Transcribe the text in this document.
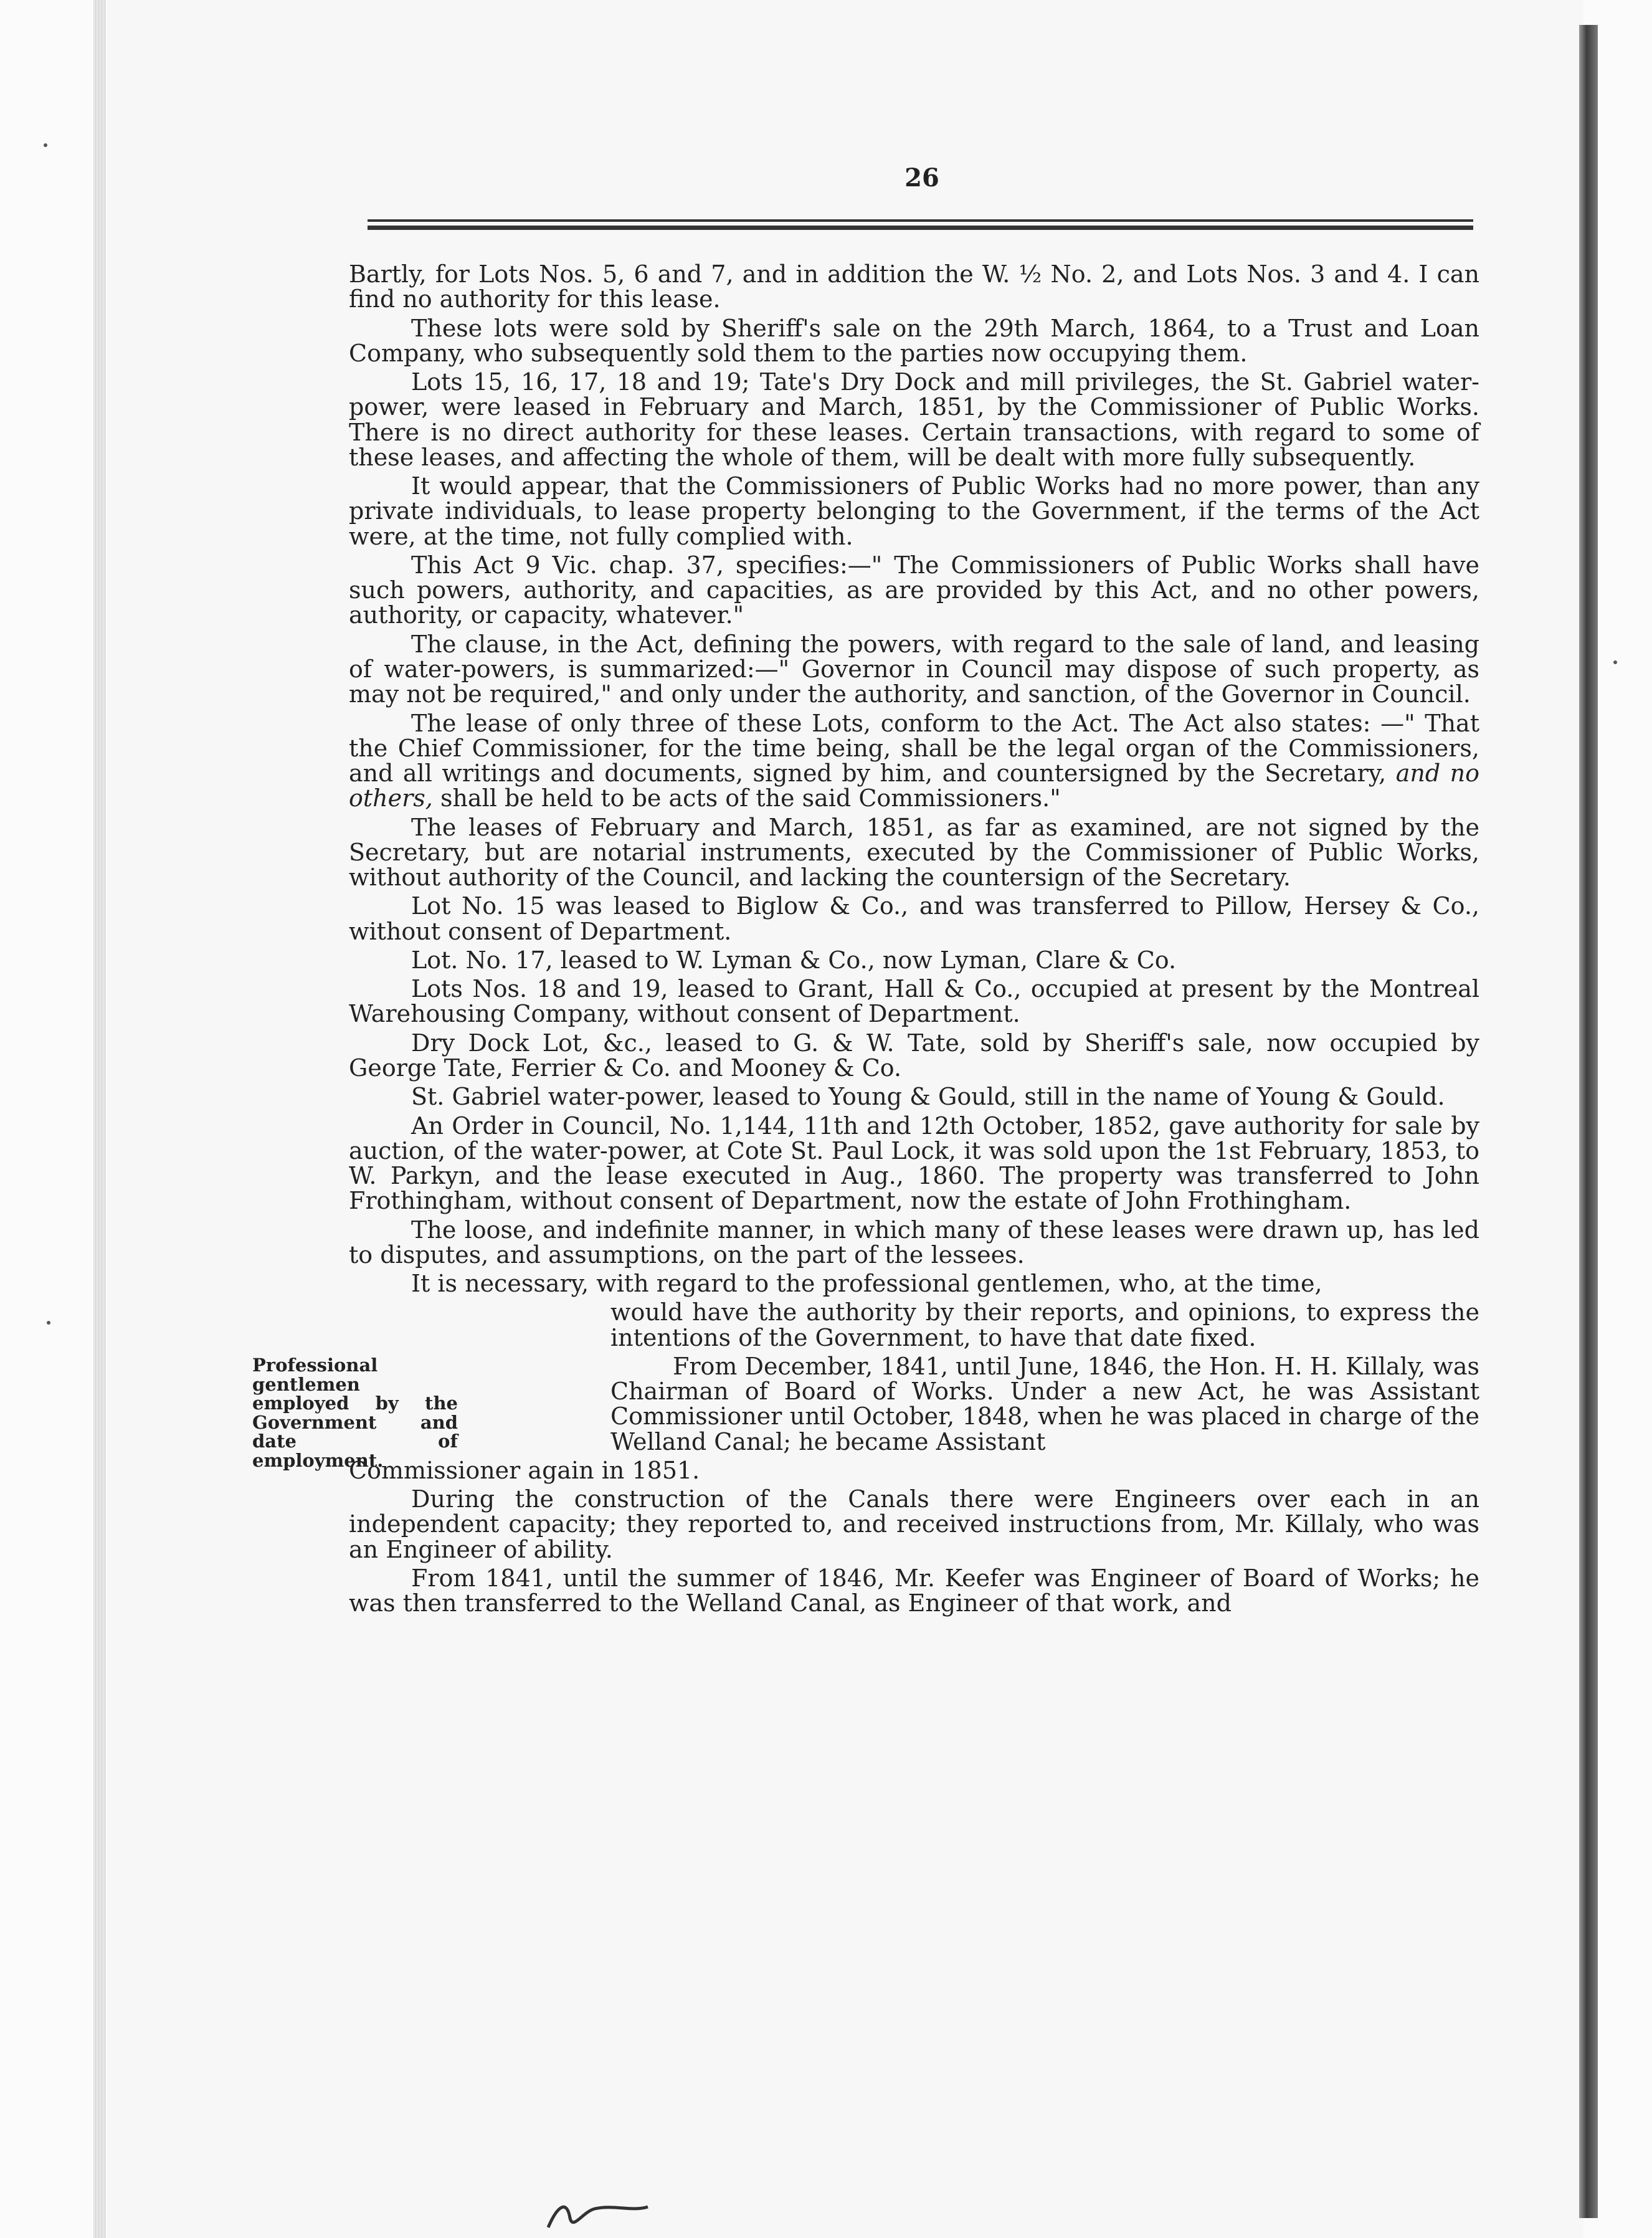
26

Bartly, for Lots Nos. 5, 6 and 7, and in addition the W. ½ No. 2, and Lots Nos. 3 and 4. I can find no authority for this lease.

These lots were sold by Sheriff's sale on the 29th March, 1864, to a Trust and Loan Company, who subsequently sold them to the parties now occupying them.

Lots 15, 16, 17, 18 and 19; Tate's Dry Dock and mill privileges, the St. Gabriel water-power, were leased in February and March, 1851, by the Commissioner of Public Works. There is no direct authority for these leases. Certain transactions, with regard to some of these leases, and affecting the whole of them, will be dealt with more fully subsequently.

It would appear, that the Commissioners of Public Works had no more power, than any private individuals, to lease property belonging to the Government, if the terms of the Act were, at the time, not fully complied with.

This Act 9 Vic. chap. 37, specifies:—" The Commissioners of Public Works shall have such powers, authority, and capacities, as are provided by this Act, and no other powers, authority, or capacity, whatever."

The clause, in the Act, defining the powers, with regard to the sale of land, and leasing of water-powers, is summarized:—" Governor in Council may dispose of such property, as may not be required," and only under the authority, and sanction, of the Governor in Council.

The lease of only three of these Lots, conform to the Act. The Act also states: —" That the Chief Commissioner, for the time being, shall be the legal organ of the Commissioners, and all writings and documents, signed by him, and countersigned by the Secretary, and no others, shall be held to be acts of the said Commissioners."

The leases of February and March, 1851, as far as examined, are not signed by the Secretary, but are notarial instruments, executed by the Commissioner of Public Works, without authority of the Council, and lacking the countersign of the Secretary.

Lot No. 15 was leased to Biglow & Co., and was transferred to Pillow, Hersey & Co., without consent of Department.

Lot. No. 17, leased to W. Lyman & Co., now Lyman, Clare & Co.

Lots Nos. 18 and 19, leased to Grant, Hall & Co., occupied at present by the Montreal Warehousing Company, without consent of Department.

Dry Dock Lot, &c., leased to G. & W. Tate, sold by Sheriff's sale, now occupied by George Tate, Ferrier & Co. and Mooney & Co.

St. Gabriel water-power, leased to Young & Gould, still in the name of Young & Gould.

An Order in Council, No. 1,144, 11th and 12th October, 1852, gave authority for sale by auction, of the water-power, at Cote St. Paul Lock, it was sold upon the 1st February, 1853, to W. Parkyn, and the lease executed in Aug., 1860. The property was transferred to John Frothingham, without consent of Department, now the estate of John Frothingham.

The loose, and indefinite manner, in which many of these leases were drawn up, has led to disputes, and assumptions, on the part of the lessees.

It is necessary, with regard to the professional gentlemen, who, at the time,

Professional gentlemen employed by the Government and date of employment.

would have the authority by their reports, and opinions, to express the intentions of the Government, to have that date fixed.

From December, 1841, until June, 1846, the Hon. H. H. Killaly, was Chairman of Board of Works. Under a new Act, he was Assistant Commissioner until October, 1848, when he was placed in charge of the Welland Canal; he became Assistant

Commissioner again in 1851.

During the construction of the Canals there were Engineers over each in an independent capacity; they reported to, and received instructions from, Mr. Killaly, who was an Engineer of ability.

From 1841, until the summer of 1846, Mr. Keefer was Engineer of Board of Works; he was then transferred to the Welland Canal, as Engineer of that work, and
